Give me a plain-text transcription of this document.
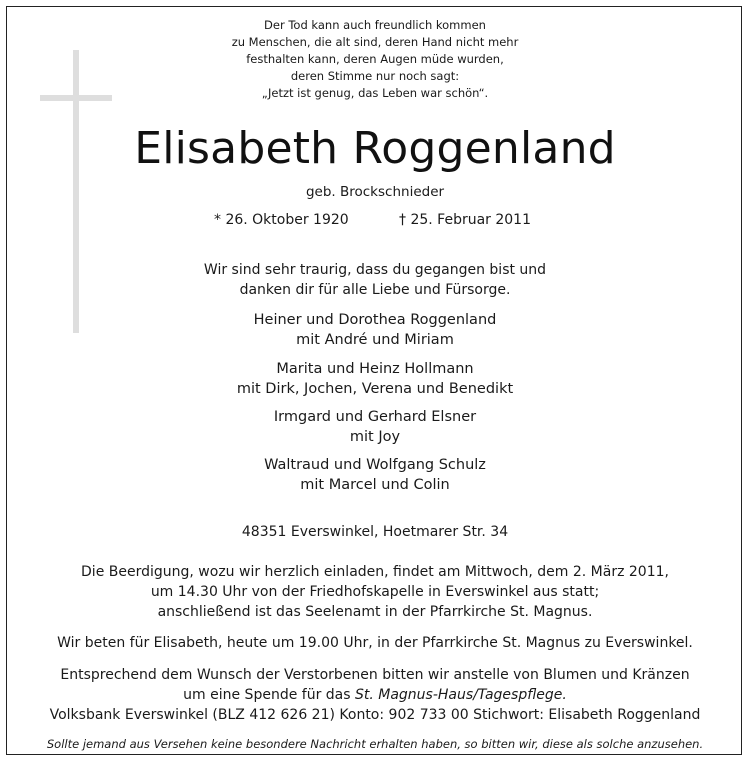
Der Tod kann auch freundlich kommen
zu Menschen, die alt sind, deren Hand nicht mehr
festhalten kann, deren Augen müde wurden,
deren Stimme nur noch sagt:
„Jetzt ist genug, das Leben war schön“.
Elisabeth Roggenland
geb. Brockschnieder
* 26. Oktober 1920	† 25. Februar 2011
Wir sind sehr traurig, dass du gegangen bist und
danken dir für alle Liebe und Fürsorge.
Heiner und Dorothea Roggenland
mit André und Miriam
Marita und Heinz Hollmann
mit Dirk, Jochen, Verena und Benedikt
Irmgard und Gerhard Elsner
mit Joy
Waltraud und Wolfgang Schulz
mit Marcel und Colin
48351 Everswinkel, Hoetmarer Str. 34
Die Beerdigung, wozu wir herzlich einladen, findet am Mittwoch, dem 2. März 2011,
um 14.30 Uhr von der Friedhofskapelle in Everswinkel aus statt;
anschließend ist das Seelenamt in der Pfarrkirche St. Magnus.
Wir beten für Elisabeth, heute um 19.00 Uhr, in der Pfarrkirche St. Magnus zu Everswinkel.
Entsprechend dem Wunsch der Verstorbenen bitten wir anstelle von Blumen und Kränzen
um eine Spende für das St. Magnus-Haus/Tagespflege.
Volksbank Everswinkel (BLZ 412 626 21) Konto: 902 733 00 Stichwort: Elisabeth Roggenland
Sollte jemand aus Versehen keine besondere Nachricht erhalten haben, so bitten wir, diese als solche anzusehen.
